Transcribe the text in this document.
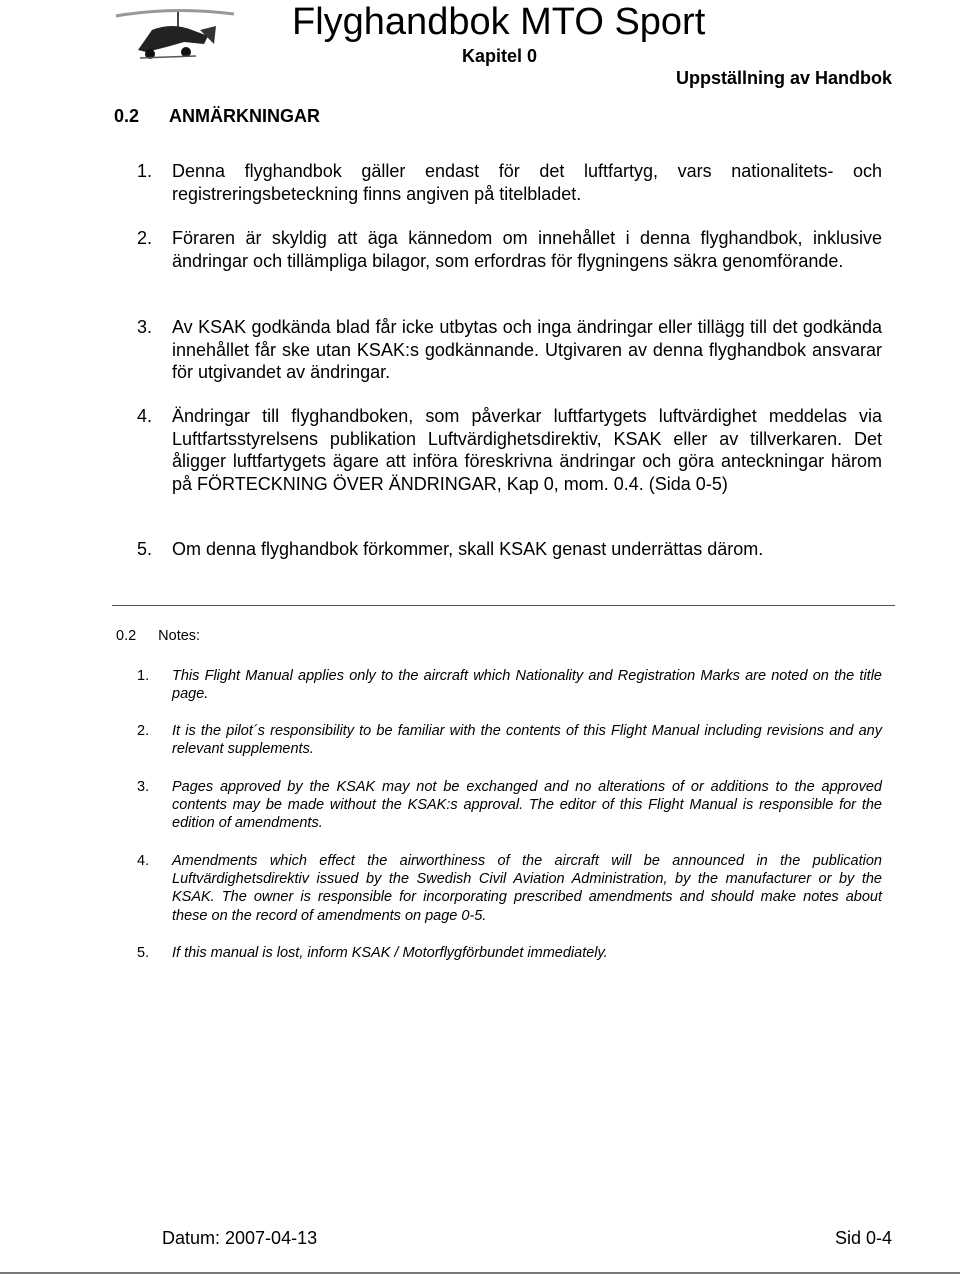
Flyghandbok MTO Sport
Kapitel 0
Uppställning av Handbok
0.2 ANMÄRKNINGAR
1. Denna flyghandbok gäller endast för det luftfartyg, vars nationalitets- och registreringsbeteckning finns angiven på titelbladet.
2. Föraren är skyldig att äga kännedom om innehållet i denna flyghandbok, inklusive ändringar och tillämpliga bilagor, som erfordras för flygningens säkra genomförande.
3. Av KSAK godkända blad får icke utbytas och inga ändringar eller tillägg till det godkända innehållet får ske utan KSAK:s godkännande. Utgivaren av denna flyghandbok ansvarar för utgivandet av ändringar.
4. Ändringar till flyghandboken, som påverkar luftfartygets luftvärdighet meddelas via Luftfartsstyrelsens publikation Luftvärdighetsdirektiv, KSAK eller av tillverkaren. Det åligger luftfartygets ägare att införa föreskrivna ändringar och göra anteckningar härom på FÖRTECKNING ÖVER ÄNDRINGAR, Kap 0, mom. 0.4. (Sida 0-5)
5. Om denna flyghandbok förkommer, skall KSAK genast underrättas därom.
0.2 Notes:
1. This Flight Manual applies only to the aircraft which Nationality and Registration Marks are noted on the title page.
2. It is the pilot´s responsibility to be familiar with the contents of this Flight Manual including revisions and any relevant supplements.
3. Pages approved by the KSAK may not be exchanged and no alterations of or additions to the approved contents may be made without the KSAK:s approval. The editor of this Flight Manual is responsible for the edition of amendments.
4. Amendments which effect the airworthiness of the aircraft will be announced in the publication Luftvärdighetsdirektiv issued by the Swedish Civil Aviation Administration, by the manufacturer or by the KSAK. The owner is responsible for incorporating prescribed amendments and should make notes about these on the record of amendments on page 0-5.
5. If this manual is lost, inform KSAK / Motorflygförbundet immediately.
Datum: 2007-04-13	Sid 0-4
